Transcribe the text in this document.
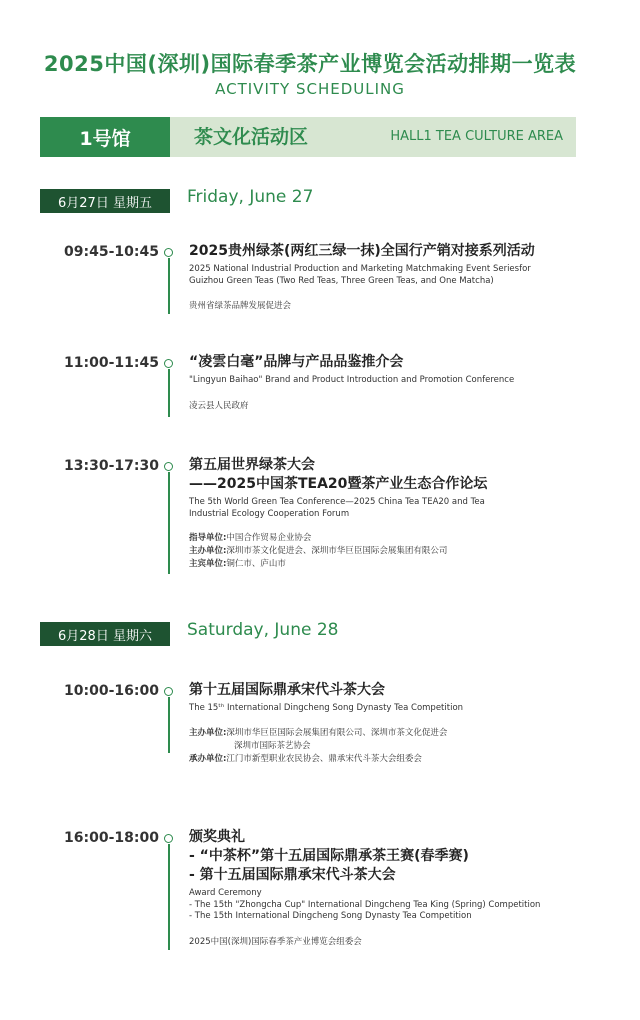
2025中国(深圳)国际春季茶产业博览会活动排期一览表
ACTIVITY SCHEDULING
1号馆	茶文化活动区	HALL1 TEA CULTURE AREA
6月27日 星期五	Friday, June 27
09:45-10:45 2025贵州绿茶(两红三绿一抹)全国行产销对接系列活动
2025 National Industrial Production and Marketing Matchmaking Event Seriesfor
Guizhou Green Teas (Two Red Teas, Three Green Teas, and One Matcha)
贵州省绿茶品牌发展促进会
11:00-11:45 “凌雲白毫”品牌与产品品鉴推介会
"Lingyun Baihao" Brand and Product Introduction and Promotion Conference
凌云县人民政府
13:30-17:30 第五届世界绿茶大会
——2025中国茶TEA20暨茶产业生态合作论坛
The 5th World Green Tea Conference—2025 China Tea TEA20 and Tea
Industrial Ecology Cooperation Forum
指导单位:中国合作贸易企业协会
主办单位:深圳市茶文化促进会、深圳市华巨臣国际会展集团有限公司
主宾单位:铜仁市、庐山市
6月28日 星期六	Saturday, June 28
10:00-16:00 第十五届国际鼎承宋代斗茶大会
The 15ᵗʰ International Dingcheng Song Dynasty Tea Competition
主办单位:深圳市华巨臣国际会展集团有限公司、深圳市茶文化促进会
深圳市国际茶艺协会
承办单位:江门市新型职业农民协会、鼎承宋代斗茶大会组委会
16:00-18:00 颁奖典礼
- “中茶杯”第十五届国际鼎承茶王赛(春季赛)
- 第十五届国际鼎承宋代斗茶大会
Award Ceremony
- The 15th "Zhongcha Cup" International Dingcheng Tea King (Spring) Competition
- The 15th International Dingcheng Song Dynasty Tea Competition
2025中国(深圳)国际春季茶产业博览会组委会
